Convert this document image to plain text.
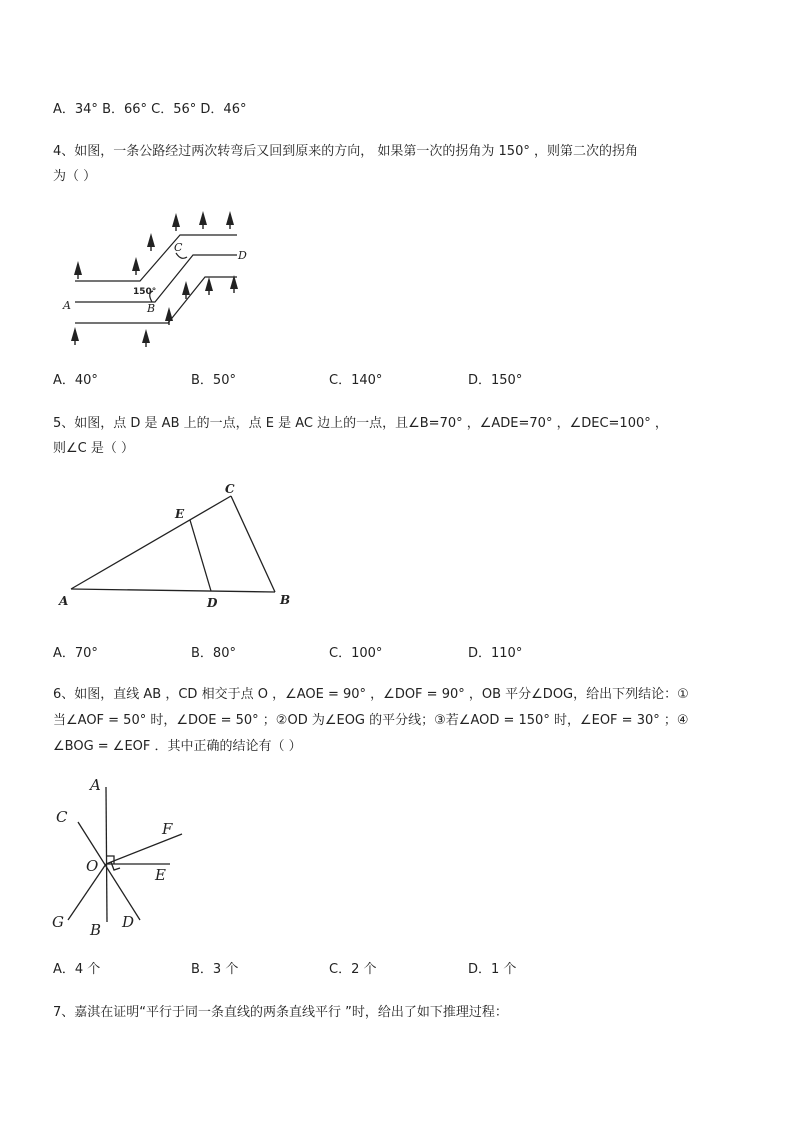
A．34° B．66° C．56° D．46°
4、如图，一条公路经过两次转弯后又回到原来的方向， 如果第一次的拐角为 150° ，则第二次的拐角
为（ ）
A	B
C
D
150°
A．40°	B．50°	C．140°	D．150°
5、如图，点 D 是 AB 上的一点，点 E 是 AC 边上的一点，且∠B=70° ，∠ADE=70° ，∠DEC=100° ，
则∠C 是（ ）
A	B
C
D
E
A．70°	B．80°	C．100°	D．110°
6、如图，直线 AB ，CD 相交于点 O ，∠AOE = 90° ，∠DOF = 90° ，OB 平分∠DOG，给出下列结论：①
当∠AOF = 50° 时，∠DOE = 50° ；②OD 为∠EOG 的平分线；③若∠AOD = 150° 时，∠EOF = 30° ；④
∠BOG = ∠EOF ．其中正确的结论有（ ）
A
B
C
D
E
F
G
O
A．4 个	B．3 个	C．2 个	D．1 个
7、嘉淇在证明“平行于同一条直线的两条直线平行 ”时，给出了如下推理过程：
